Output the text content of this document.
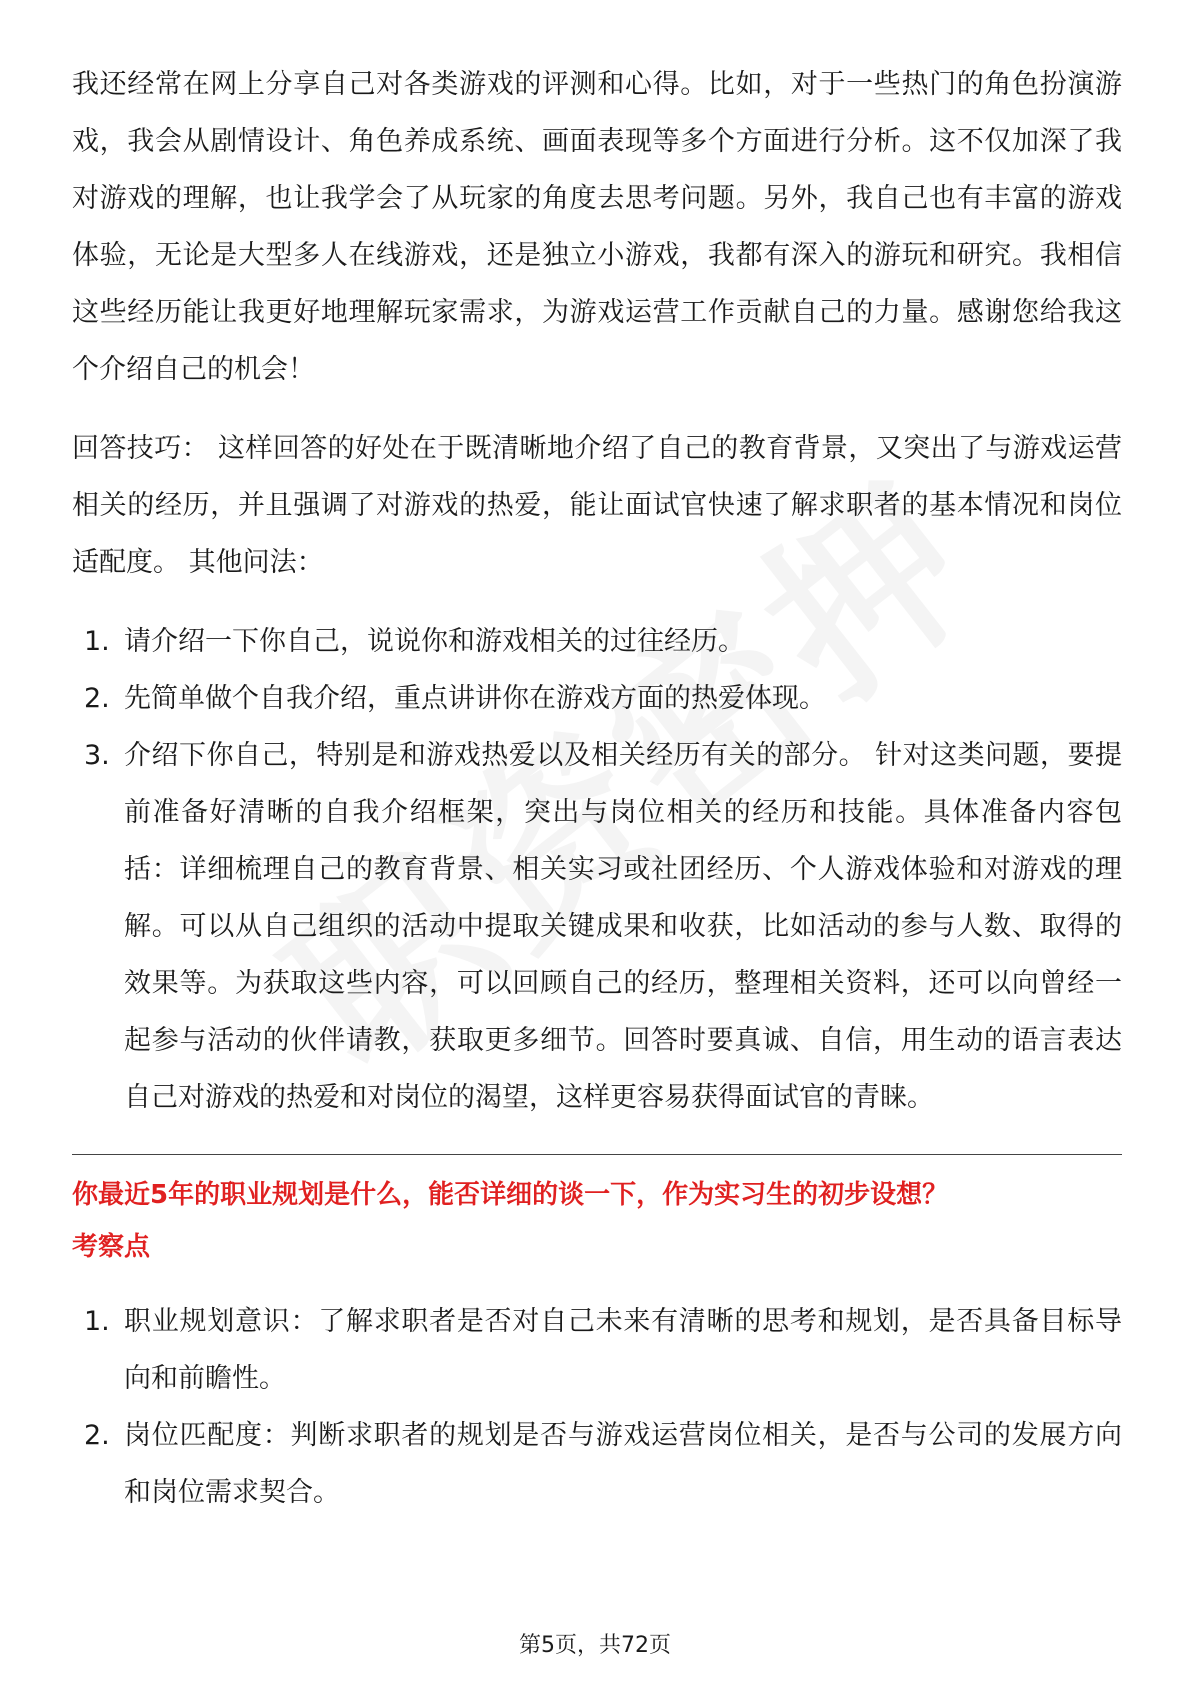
我还经常在网上分享自己对各类游戏的评测和心得。比如，对于一些热门的角色扮演游戏，我会从剧情设计、角色养成系统、画面表现等多个方面进行分析。这不仅加深了我对游戏的理解，也让我学会了从玩家的角度去思考问题。另外，我自己也有丰富的游戏体验，无论是大型多人在线游戏，还是独立小游戏，我都有深入的游玩和研究。我相信这些经历能让我更好地理解玩家需求，为游戏运营工作贡献自己的力量。感谢您给我这个介绍自己的机会！

回答技巧： 这样回答的好处在于既清晰地介绍了自己的教育背景，又突出了与游戏运营相关的经历，并且强调了对游戏的热爱，能让面试官快速了解求职者的基本情况和岗位适配度。 其他问法：

1. 请介绍一下你自己，说说你和游戏相关的过往经历。
2. 先简单做个自我介绍，重点讲讲你在游戏方面的热爱体现。
3. 介绍下你自己，特别是和游戏热爱以及相关经历有关的部分。 针对这类问题，要提前准备好清晰的自我介绍框架，突出与岗位相关的经历和技能。具体准备内容包括：详细梳理自己的教育背景、相关实习或社团经历、个人游戏体验和对游戏的理解。可以从自己组织的活动中提取关键成果和收获，比如活动的参与人数、取得的效果等。为获取这些内容，可以回顾自己的经历，整理相关资料，还可以向曾经一起参与活动的伙伴请教，获取更多细节。回答时要真诚、自信，用生动的语言表达自己对游戏的热爱和对岗位的渴望，这样更容易获得面试官的青睐。

你最近5年的职业规划是什么，能否详细的谈一下，作为实习生的初步设想？

考察点

1. 职业规划意识：了解求职者是否对自己未来有清晰的思考和规划，是否具备目标导向和前瞻性。
2. 岗位匹配度：判断求职者的规划是否与游戏运营岗位相关，是否与公司的发展方向和岗位需求契合。
第5页，共72页
